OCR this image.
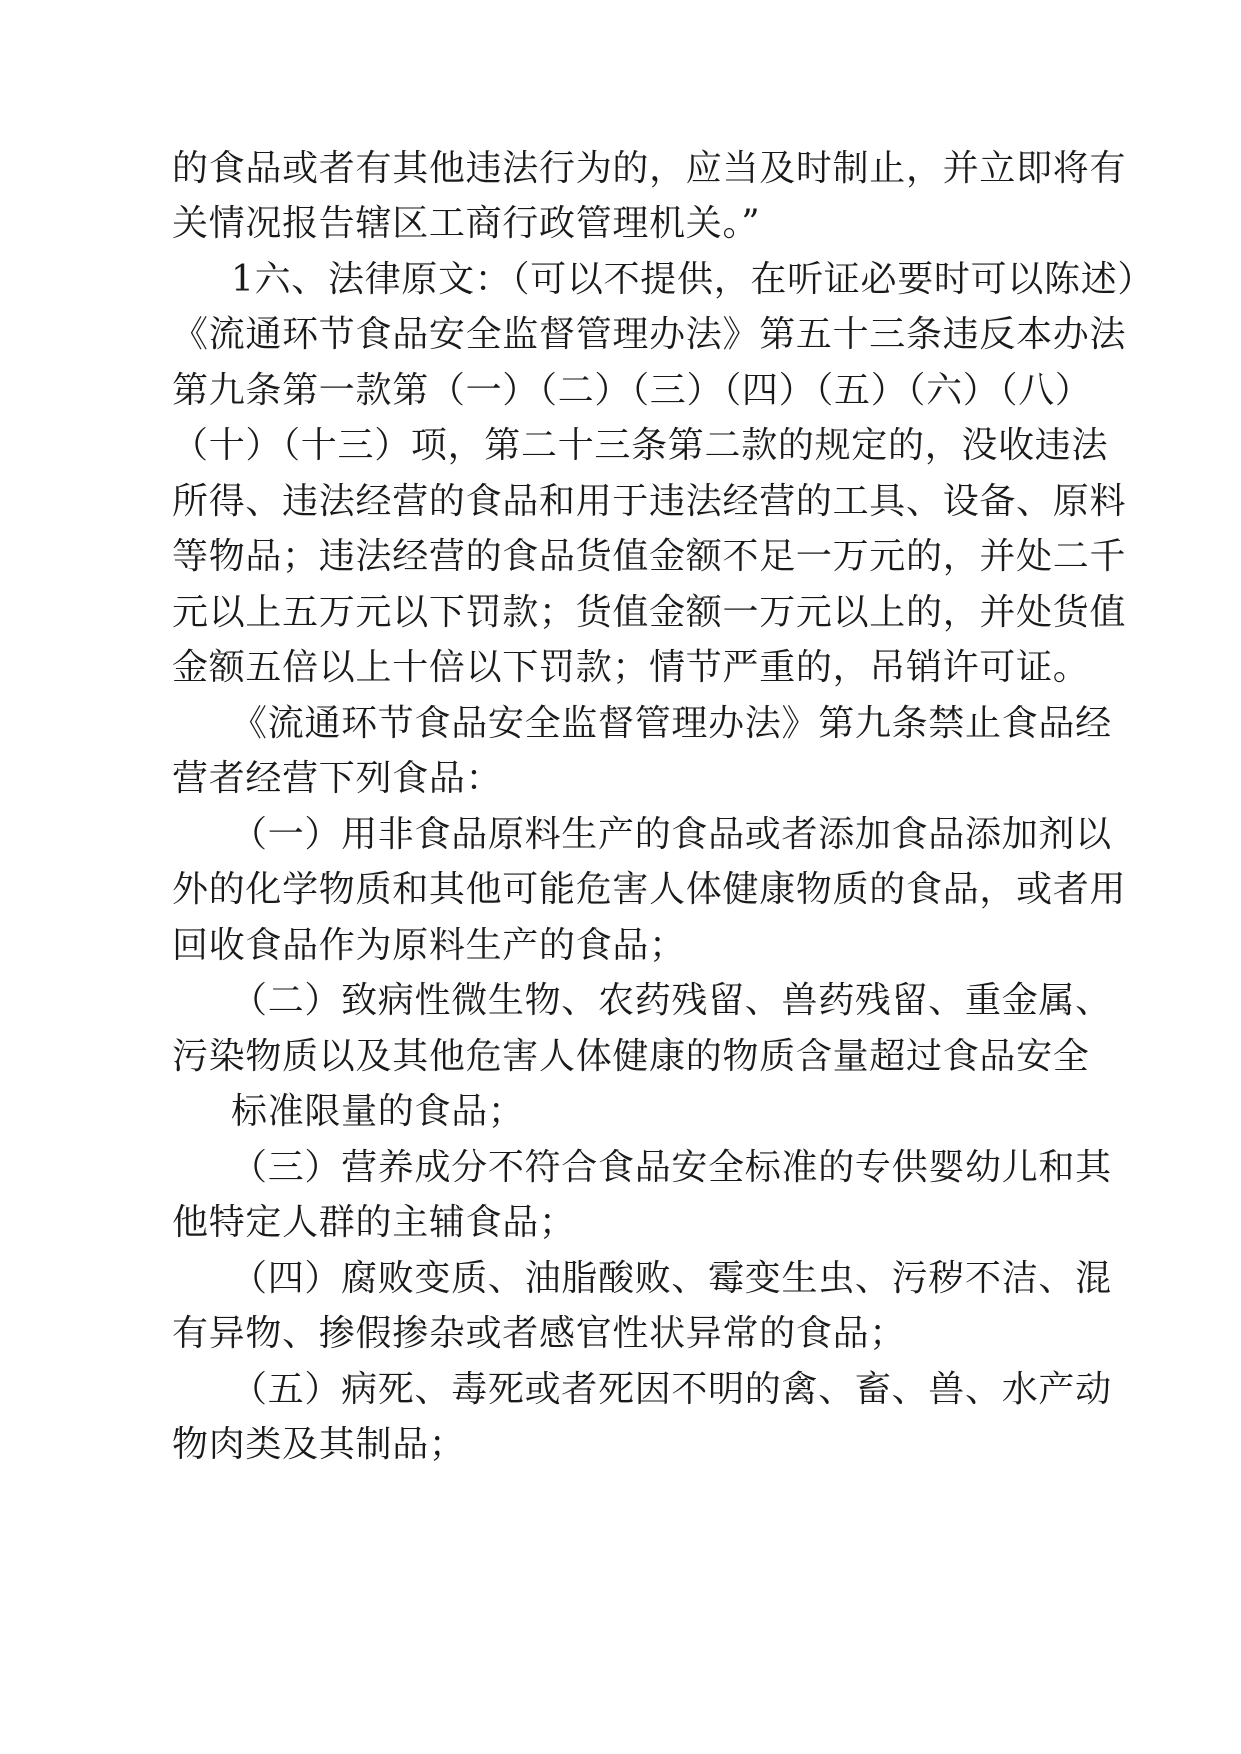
的食品或者有其他违法行为的，应当及时制止，并立即将有
关情况报告辖区工商行政管理机关。”
1六、法律原文：（可以不提供，在听证必要时可以陈述）
《流通环节食品安全监督管理办法》第五十三条违反本办法
第九条第一款第（一）（二）（三）（四）（五）（六）（八）
（十）（十三）项，第二十三条第二款的规定的，没收违法
所得、违法经营的食品和用于违法经营的工具、设备、原料
等物品；违法经营的食品货值金额不足一万元的，并处二千
元以上五万元以下罚款；货值金额一万元以上的，并处货值
金额五倍以上十倍以下罚款；情节严重的，吊销许可证。
《流通环节食品安全监督管理办法》第九条禁止食品经
营者经营下列食品：
（一）用非食品原料生产的食品或者添加食品添加剂以
外的化学物质和其他可能危害人体健康物质的食品，或者用
回收食品作为原料生产的食品；
（二）致病性微生物、农药残留、兽药残留、重金属、
污染物质以及其他危害人体健康的物质含量超过食品安全
标准限量的食品；
（三）营养成分不符合食品安全标准的专供婴幼儿和其
他特定人群的主辅食品；
（四）腐败变质、油脂酸败、霉变生虫、污秽不洁、混
有异物、掺假掺杂或者感官性状异常的食品；
（五）病死、毒死或者死因不明的禽、畜、兽、水产动
物肉类及其制品；
